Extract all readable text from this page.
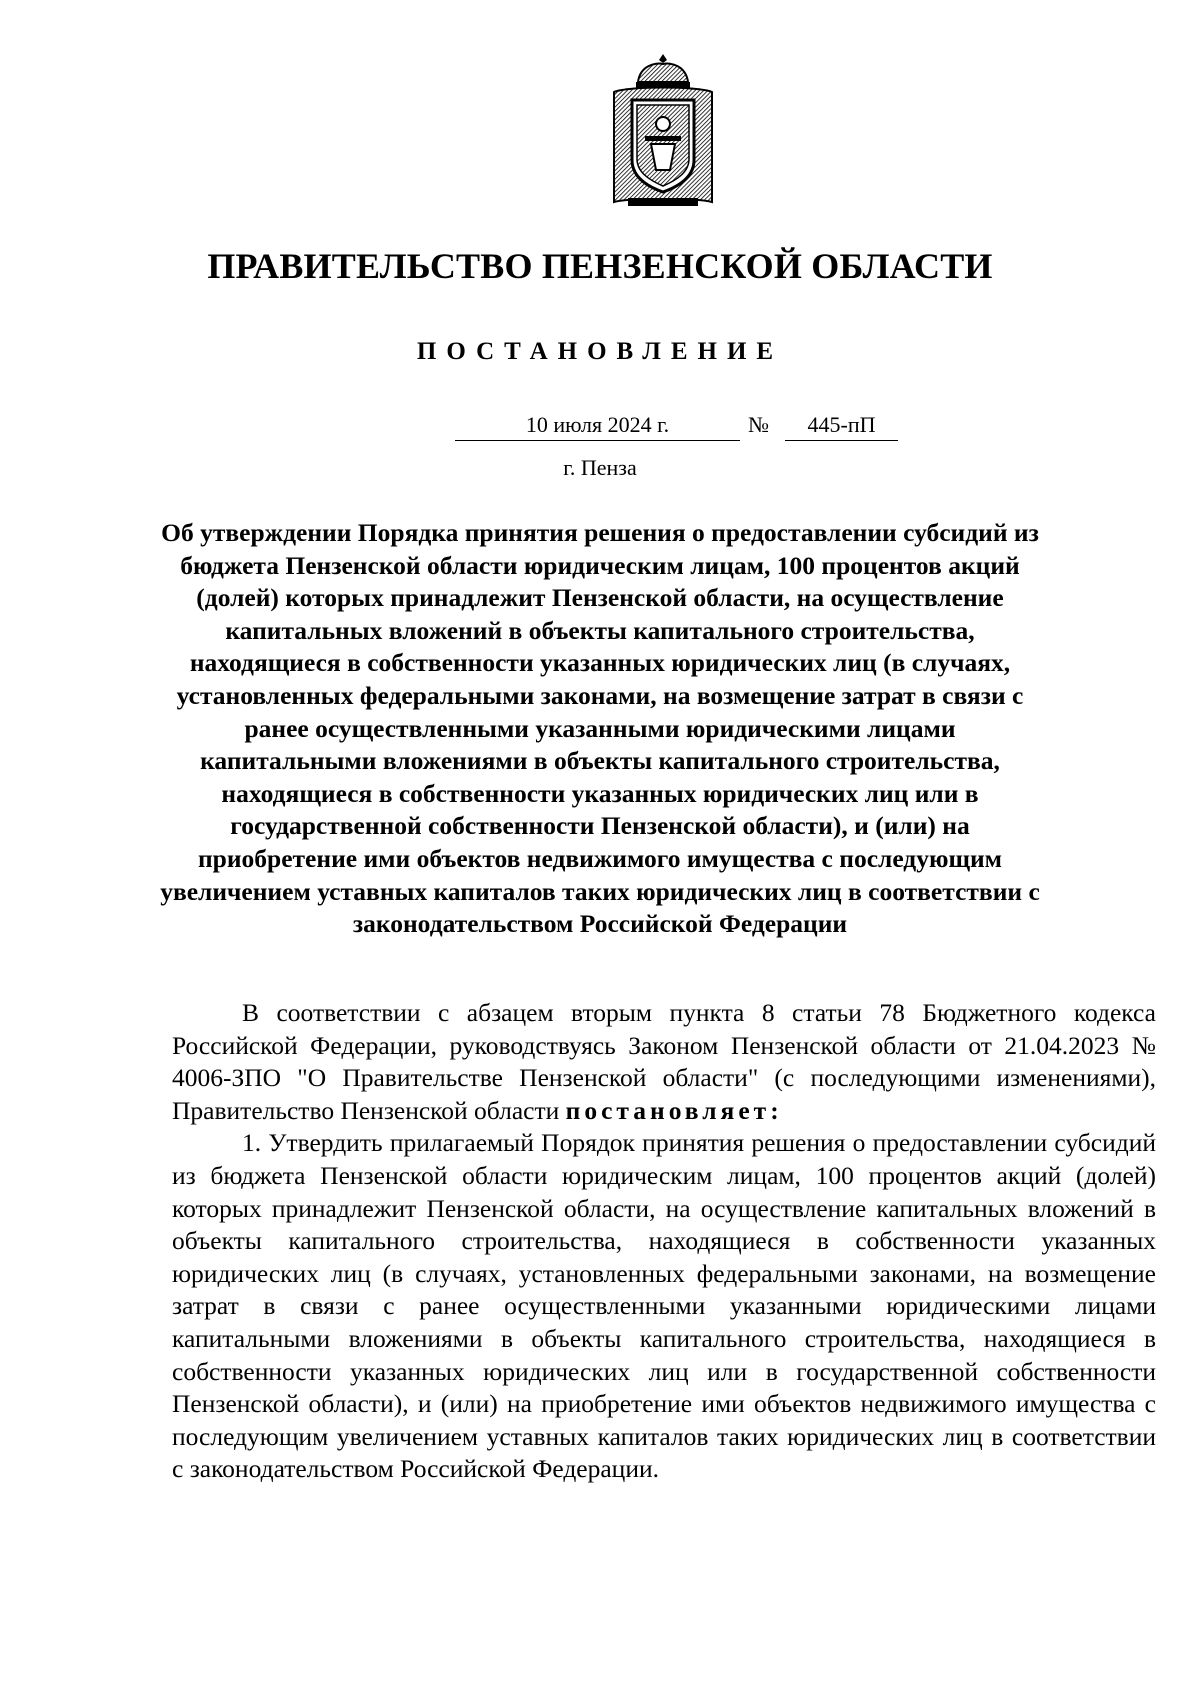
ПРАВИТЕЛЬСТВО ПЕНЗЕНСКОЙ ОБЛАСТИ
ПОСТАНОВЛЕНИЕ
10 июля 2024 г.	№	445-пП

г. Пенза

Об утверждении Порядка принятия решения о предоставлении субсидий из бюджета Пензенской области юридическим лицам, 100 процентов акций (долей) которых принадлежит Пензенской области, на осуществление капитальных вложений в объекты капитального строительства, находящиеся в собственности указанных юридических лиц (в случаях, установленных федеральными законами, на возмещение затрат в связи с ранее осуществленными указанными юридическими лицами капитальными вложениями в объекты капитального строительства, находящиеся в собственности указанных юридических лиц или в государственной собственности Пензенской области), и (или) на приобретение ими объектов недвижимого имущества с последующим увеличением уставных капиталов таких юридических лиц в соответствии с законодательством Российской Федерации

В соответствии с абзацем вторым пункта 8 статьи 78 Бюджетного кодекса Российской Федерации, руководствуясь Законом Пензенской области от 21.04.2023 № 4006-ЗПО "О Правительстве Пензенской области" (с последующими изменениями), Правительство Пензенской области постановляет:

1. Утвердить прилагаемый Порядок принятия решения о предоставлении субсидий из бюджета Пензенской области юридическим лицам, 100 процентов акций (долей) которых принадлежит Пензенской области, на осуществление капитальных вложений в объекты капитального строительства, находящиеся в собственности указанных юридических лиц (в случаях, установленных федеральными законами, на возмещение затрат в связи с ранее осуществленными указанными юридическими лицами капитальными вложениями в объекты капитального строительства, находящиеся в собственности указанных юридических лиц или в государственной собственности Пензенской области), и (или) на приобретение ими объектов недвижимого имущества с последующим увеличением уставных капиталов таких юридических лиц в соответствии с законодательством Российской Федерации.
